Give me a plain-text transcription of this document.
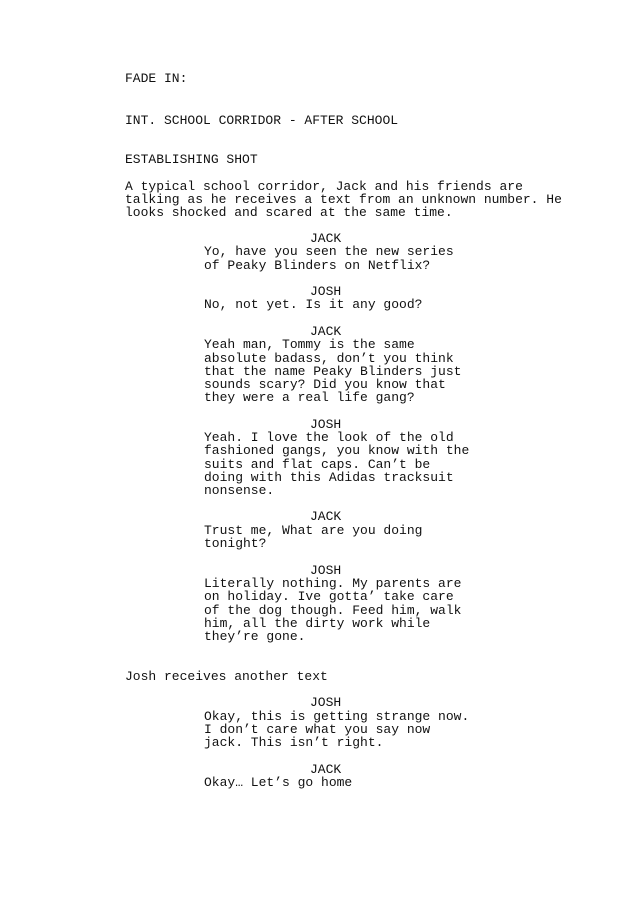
FADE IN:
INT. SCHOOL CORRIDOR - AFTER SCHOOL
ESTABLISHING SHOT
A typical school corridor, Jack and his friends are
talking as he receives a text from an unknown number. He
looks shocked and scared at the same time.
JACK
Yo, have you seen the new series
of Peaky Blinders on Netflix?
JOSH
No, not yet. Is it any good?
JACK
Yeah man, Tommy is the same
absolute badass, don’t you think
that the name Peaky Blinders just
sounds scary? Did you know that
they were a real life gang?
JOSH
Yeah. I love the look of the old
fashioned gangs, you know with the
suits and flat caps. Can’t be
doing with this Adidas tracksuit
nonsense.
JACK
Trust me, What are you doing
tonight?
JOSH
Literally nothing. My parents are
on holiday. Ive gotta’ take care
of the dog though. Feed him, walk
him, all the dirty work while
they’re gone.
Josh receives another text
JOSH
Okay, this is getting strange now.
I don’t care what you say now
jack. This isn’t right.
JACK
Okay… Let’s go home
